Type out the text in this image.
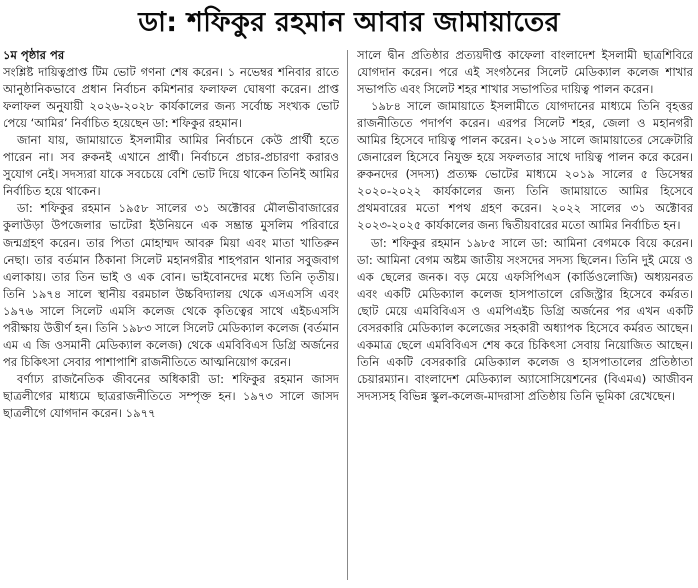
ডা: শফিকুর রহমান আবার জামায়াতের

১ম পৃষ্ঠার পর
সংশ্লিষ্ট দায়িত্বপ্রাপ্ত টিম ভোট গণনা শেষ করেন। ১ নভেম্বর শনিবার রাতে আনুষ্ঠানিকভাবে প্রধান নির্বাচন কমিশনার ফলাফল ঘোষণা করেন। প্রাপ্ত ফলাফল অনুযায়ী ২০২৬-২০২৮ কার্যকালের জন্য সর্বোচ্চ সংখ্যক ভোট পেয়ে ‘আমির’ নির্বাচিত হয়েছেন ডা: শফিকুর রহমান।

জানা যায়, জামায়াতে ইসলামীর আমির নির্বাচনে কেউ প্রার্থী হতে পারেন না। সব রুকনই এখানে প্রার্থী। নির্বাচনে প্রচার-প্রচারণা করারও সুযোগ নেই। সদস্যরা যাকে সবচেয়ে বেশি ভোট দিয়ে থাকেন তিনিই আমির নির্বাচিত হয়ে থাকেন।

ডা: শফিকুর রহমান ১৯৫৮ সালের ৩১ অক্টোবর মৌলভীবাজারের কুলাউড়া উপজেলার ভাটেরা ইউনিয়নে এক সম্ভ্রান্ত মুসলিম পরিবারে জন্মগ্রহণ করেন। তার পিতা মোহাম্মদ আবরু মিয়া এবং মাতা খাতিরুন নেছা। তার বর্তমান ঠিকানা সিলেট মহানগরীর শাহপরান থানার সবুজবাগ এলাকায়। তার তিন ভাই ও এক বোন। ভাইবোনদের মধ্যে তিনি তৃতীয়। তিনি ১৯৭৪ সালে স্থানীয় বরমচাল উচ্চবিদ্যালয় থেকে এসএসসি এবং ১৯৭৬ সালে সিলেট এমসি কলেজ থেকে কৃতিত্বের সাথে এইচএসসি পরীক্ষায় উত্তীর্ণ হন। তিনি ১৯৮৩ সালে সিলেট মেডিক্যাল কলেজ (বর্তমান এম এ জি ওসমানী মেডিক্যাল কলেজ) থেকে এমবিবিএস ডিগ্রি অর্জনের পর চিকিৎসা সেবার পাশাপাশি রাজনীতিতে আত্মনিয়োগ করেন।

বর্ণাঢ্য রাজনৈতিক জীবনের অধিকারী ডা: শফিকুর রহমান জাসদ ছাত্রলীগের মাধ্যমে ছাত্ররাজনীতিতে সম্পৃক্ত হন। ১৯৭৩ সালে জাসদ ছাত্রলীগে যোগদান করেন। ১৯৭৭

সালে দ্বীন প্রতিষ্ঠার প্রত্যয়দীপ্ত কাফেলা বাংলাদেশ ইসলামী ছাত্রশিবিরে যোগদান করেন। পরে এই সংগঠনের সিলেট মেডিক্যাল কলেজ শাখার সভাপতি এবং সিলেট শহর শাখার সভাপতির দায়িত্ব পালন করেন।

১৯৮৪ সালে জামায়াতে ইসলামীতে যোগদানের মাধ্যমে তিনি বৃহত্তর রাজনীতিতে পদার্পণ করেন। এরপর সিলেট শহর, জেলা ও মহানগরী আমির হিসেবে দায়িত্ব পালন করেন। ২০১৬ সালে জামায়াতের সেক্রেটারি জেনারেল হিসেবে নিযুক্ত হয়ে সফলতার সাথে দায়িত্ব পালন করে করেন। রুকনদের (সদস্য) প্রত্যক্ষ ভোটের মাধ্যমে ২০১৯ সালের ৫ ডিসেম্বর ২০২০-২০২২ কার্যকালের জন্য তিনি জামায়াতে আমির হিসেবে প্রথমবারের মতো শপথ গ্রহণ করেন। ২০২২ সালের ৩১ অক্টোবর ২০২৩-২০২৫ কার্যকালের জন্য দ্বিতীয়বারের মতো আমির নির্বাচিত হন।

ডা: শফিকুর রহমান ১৯৮৫ সালে ডা: আমিনা বেগমকে বিয়ে করেন। ডা: আমিনা বেগম অষ্টম জাতীয় সংসদের সদস্য ছিলেন। তিনি দুই মেয়ে ও এক ছেলের জনক। বড় মেয়ে এফসিপিএস (কার্ডিওলোজি) অধ্যয়নরত এবং একটি মেডিক্যাল কলেজ হাসপাতালে রেজিস্ট্রার হিসেবে কর্মরত। ছোট মেয়ে এমবিবিএস ও এমপিএইচ ডিগ্রি অর্জনের পর এখন একটি বেসরকারি মেডিক্যাল কলেজের সহকারী অধ্যাপক হিসেবে কর্মরত আছেন। একমাত্র ছেলে এমবিবিএস শেষ করে চিকিৎসা সেবায় নিয়োজিত আছেন। তিনি একটি বেসরকারি মেডিক্যাল কলেজ ও হাসপাতালের প্রতিষ্ঠাতা চেয়ারম্যান। বাংলাদেশ মেডিক্যাল অ্যাসোসিয়েশনের (বিএমএ) আজীবন সদস্যসহ বিভিন্ন স্কুল-কলেজ-মাদরাসা প্রতিষ্ঠায় তিনি ভূমিকা রেখেছেন।
